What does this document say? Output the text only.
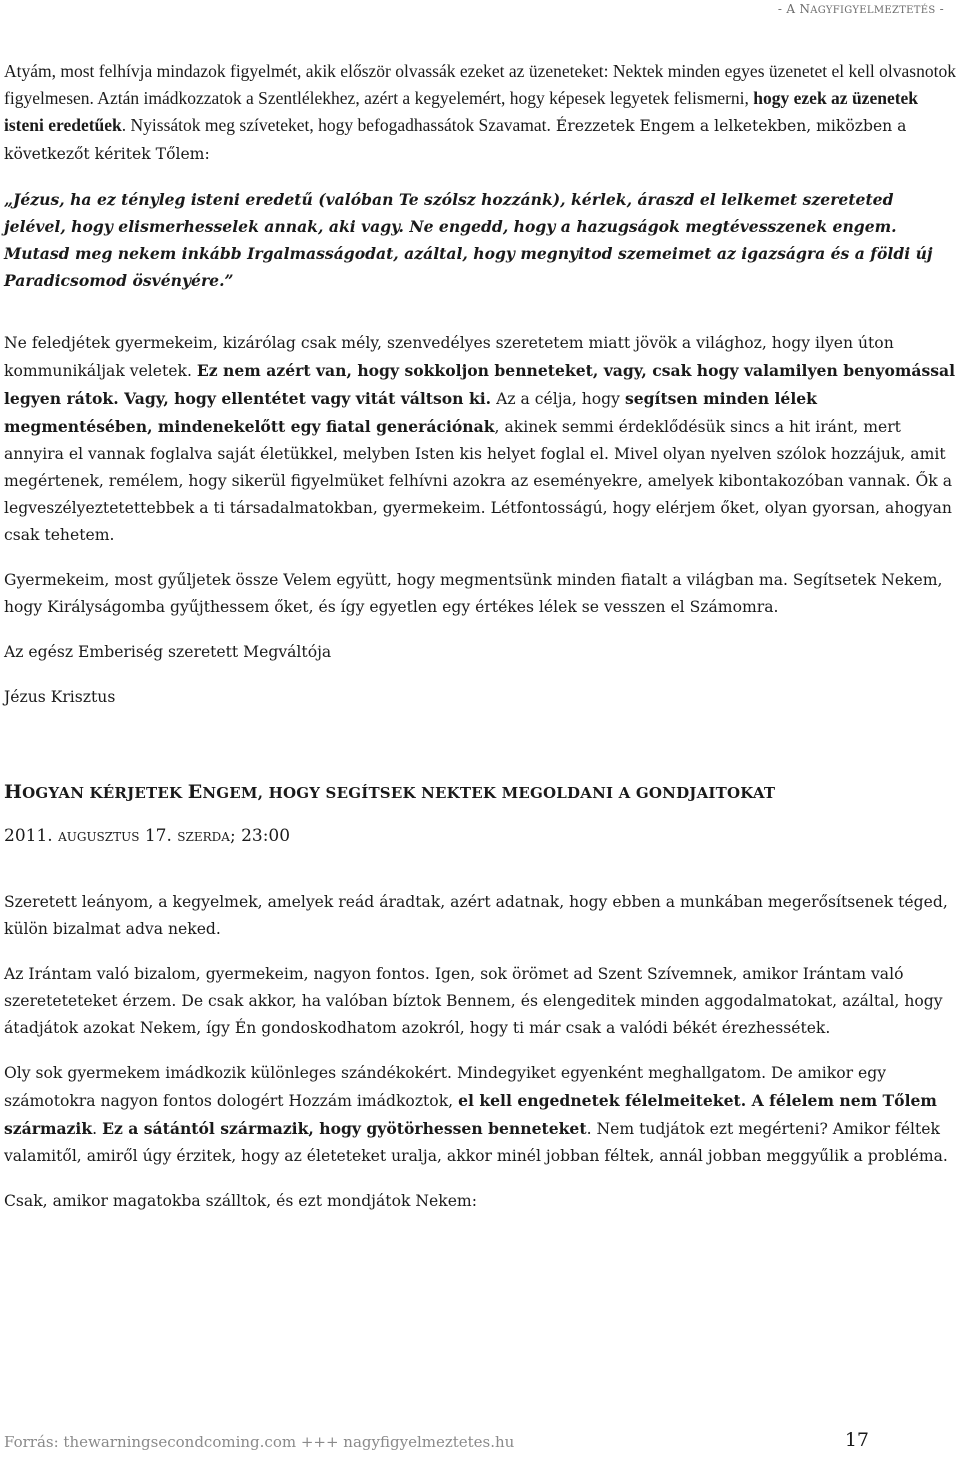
- A NAGYFIGYELMEZTETÉS -

Atyám, most felhívja mindazok figyelmét, akik először olvassák ezeket az üzeneteket: Nektek minden egyes üzenetet el kell olvasnotok figyelmesen. Aztán imádkozzatok a Szentlélekhez, azért a kegyelemért, hogy képesek legyetek felismerni, hogy ezek az üzenetek isteni eredetűek. Nyissátok meg szíveteket, hogy befogadhassátok Szavamat. Érezzetek Engem a lelketekben, miközben a következőt kéritek Tőlem:

„Jézus, ha ez tényleg isteni eredetű (valóban Te szólsz hozzánk), kérlek, áraszd el lelkemet szereteted jelével, hogy elismerhesselek annak, aki vagy. Ne engedd, hogy a hazugságok megtévesszenek engem. Mutasd meg nekem inkább Irgalmasságodat, azáltal, hogy megnyitod szemeimet az igazságra és a földi új Paradicsomod ösvényére.”

Ne feledjétek gyermekeim, kizárólag csak mély, szenvedélyes szeretetem miatt jövök a világhoz, hogy ilyen úton kommunikáljak veletek. Ez nem azért van, hogy sokkoljon benneteket, vagy, csak hogy valamilyen benyomással legyen rátok. Vagy, hogy ellentétet vagy vitát váltson ki. Az a célja, hogy segítsen minden lélek megmentésében, mindenekelőtt egy fiatal generációnak, akinek semmi érdeklődésük sincs a hit iránt, mert annyira el vannak foglalva saját életükkel, melyben Isten kis helyet foglal el. Mivel olyan nyelven szólok hozzájuk, amit megértenek, remélem, hogy sikerül figyelmüket felhívni azokra az eseményekre, amelyek kibontakozóban vannak. Ők a legveszélyeztetettebbek a ti társadalmatokban, gyermekeim. Létfontosságú, hogy elérjem őket, olyan gyorsan, ahogyan csak tehetem.

Gyermekeim, most gyűljetek össze Velem együtt, hogy megmentsünk minden fiatalt a világban ma. Segítsetek Nekem, hogy Királyságomba gyűjthessem őket, és így egyetlen egy értékes lélek se vesszen el Számomra.

Az egész Emberiség szeretett Megváltója

Jézus Krisztus

HOGYAN KÉRJETEK ENGEM, HOGY SEGÍTSEK NEKTEK MEGOLDANI A GONDJAITOKAT
2011. AUGUSZTUS 17. SZERDA; 23:00

Szeretett leányom, a kegyelmek, amelyek reád áradtak, azért adatnak, hogy ebben a munkában megerősítsenek téged, külön bizalmat adva neked.

Az Irántam való bizalom, gyermekeim, nagyon fontos. Igen, sok örömet ad Szent Szívemnek, amikor Irántam való szereteteteket érzem. De csak akkor, ha valóban bíztok Bennem, és elengeditek minden aggodalmatokat, azáltal, hogy átadjátok azokat Nekem, így Én gondoskodhatom azokról, hogy ti már csak a valódi békét érezhessétek.

Oly sok gyermekem imádkozik különleges szándékokért. Mindegyiket egyenként meghallgatom. De amikor egy számotokra nagyon fontos dologért Hozzám imádkoztok, el kell engednetek félelmeiteket. A félelem nem Tőlem származik. Ez a sátántól származik, hogy gyötörhessen benneteket. Nem tudjátok ezt megérteni? Amikor féltek valamitől, amiről úgy érzitek, hogy az életeteket uralja, akkor minél jobban féltek, annál jobban meggyűlik a probléma.

Csak, amikor magatokba szálltok, és ezt mondjátok Nekem:

Forrás: thewarningsecondcoming.com +++ nagyfigyelmeztetes.hu	17
